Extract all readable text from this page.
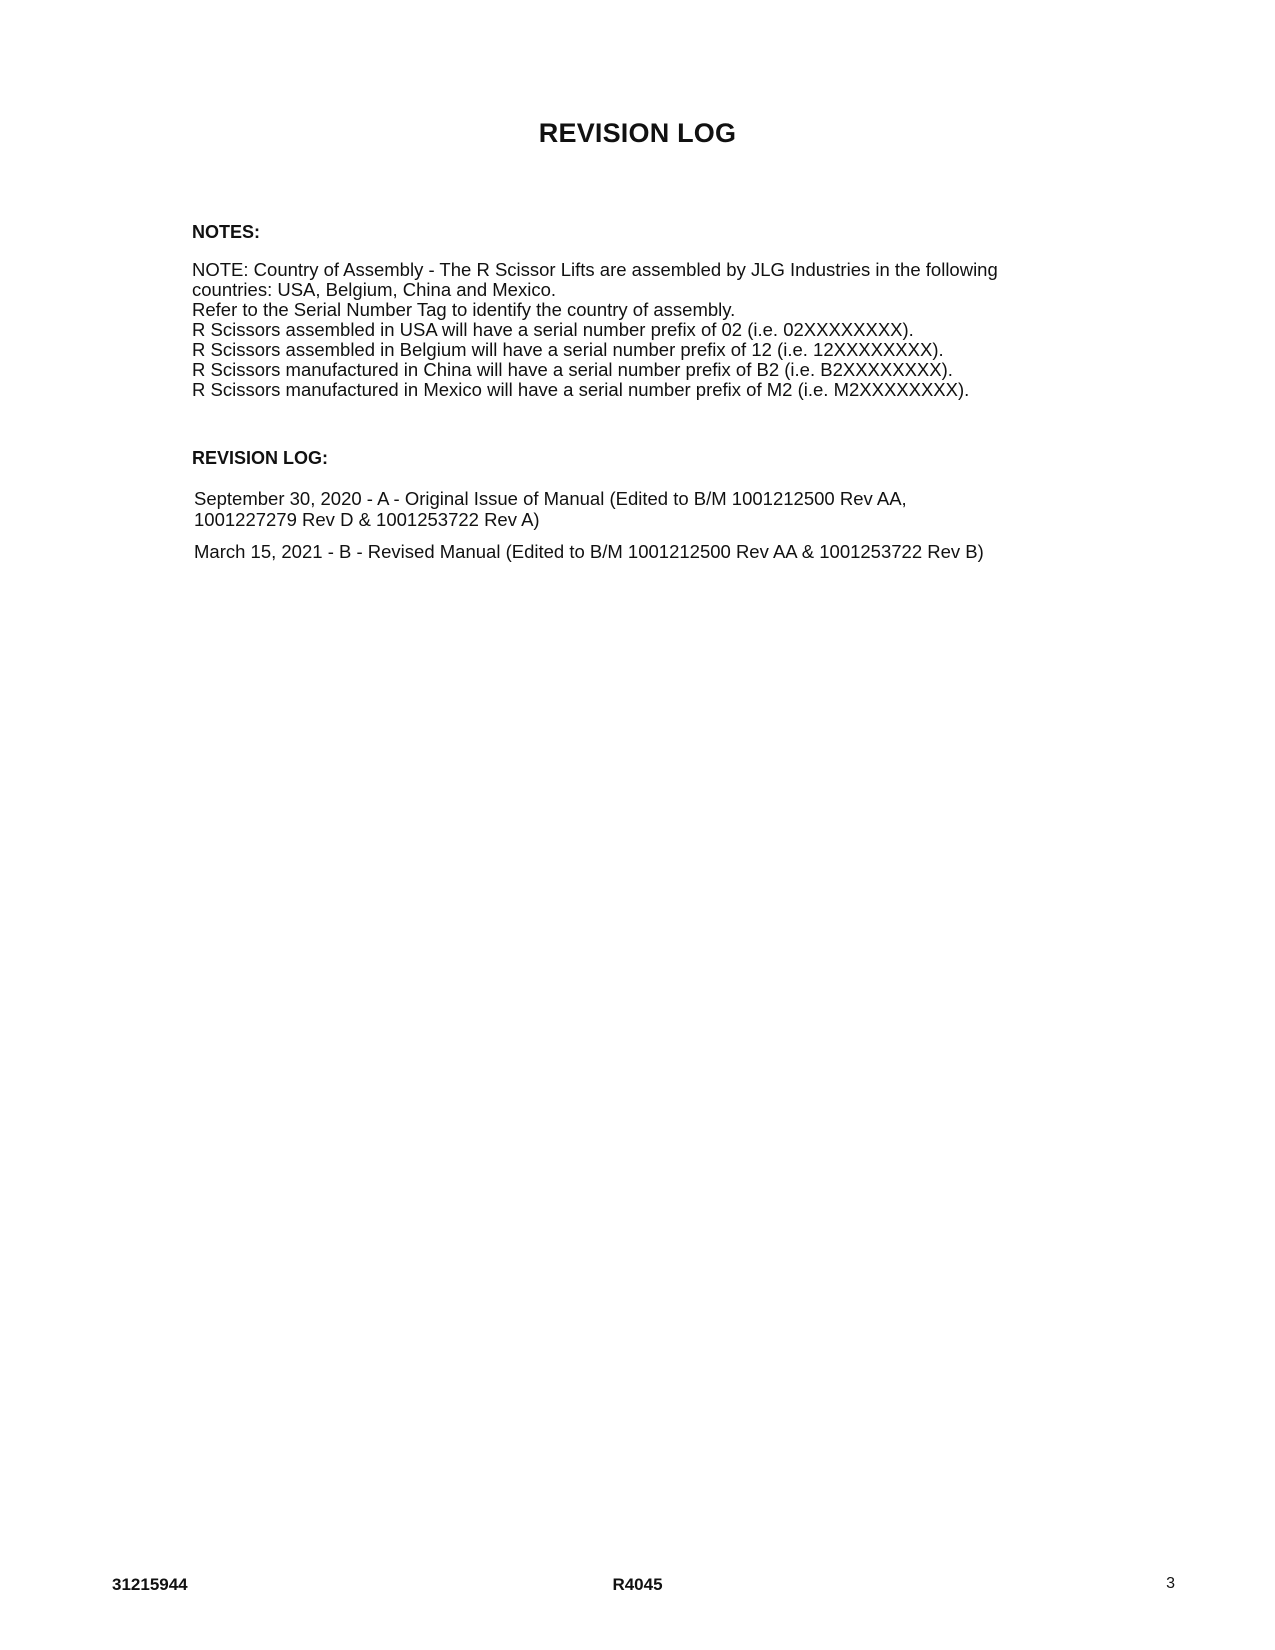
REVISION LOG
NOTES:

NOTE: Country of Assembly - The R Scissor Lifts are assembled by JLG Industries in the following
countries: USA, Belgium, China and Mexico.
Refer to the Serial Number Tag to identify the country of assembly.
R Scissors assembled in USA will have a serial number prefix of 02 (i.e. 02XXXXXXXX).
R Scissors assembled in Belgium will have a serial number prefix of 12 (i.e. 12XXXXXXXX).
R Scissors manufactured in China will have a serial number prefix of B2 (i.e. B2XXXXXXXX).
R Scissors manufactured in Mexico will have a serial number prefix of M2 (i.e. M2XXXXXXXX).

REVISION LOG:
September 30, 2020 - A - Original Issue of Manual (Edited to B/M 1001212500 Rev AA,
1001227279 Rev D & 1001253722 Rev A)
March 15, 2021 - B - Revised Manual (Edited to B/M 1001212500 Rev AA & 1001253722 Rev B)
31215944	R4045	3
